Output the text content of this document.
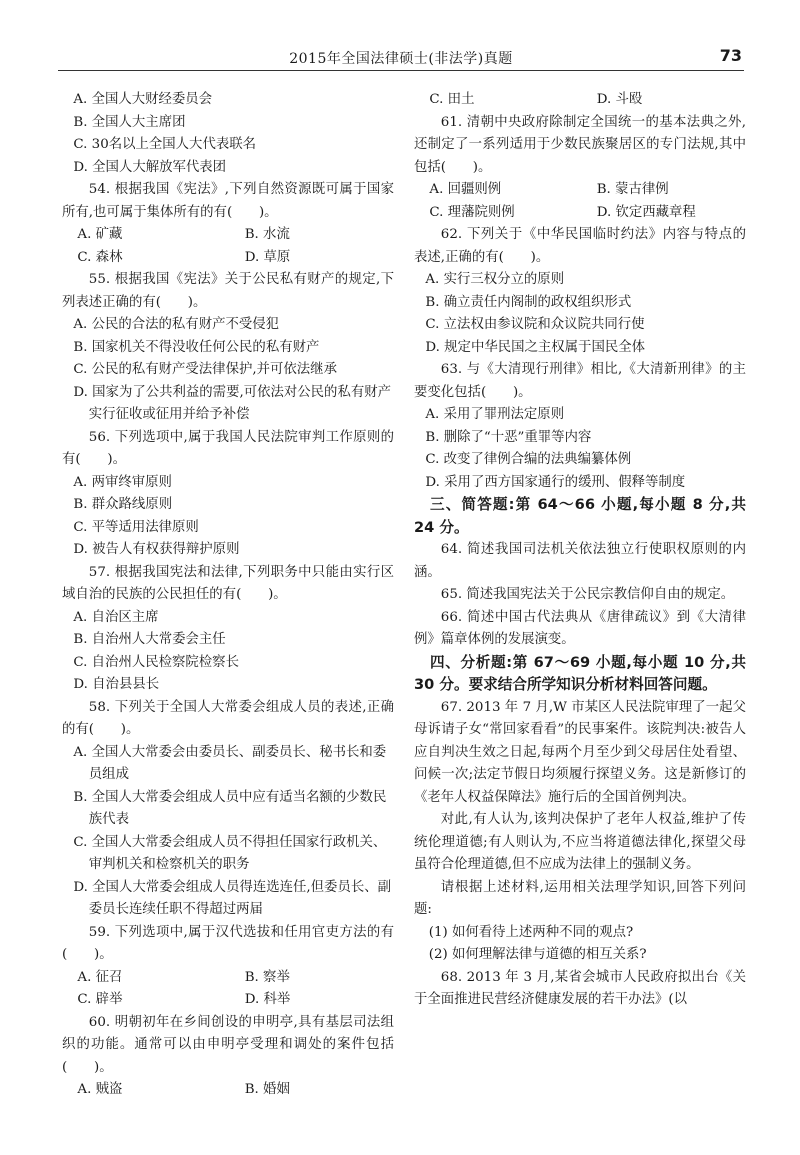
2015年全国法律硕士(非法学)真题	73

A. 全国人大财经委员会

B. 全国人大主席团

C. 30名以上全国人大代表联名

D. 全国人大解放军代表团

54. 根据我国《宪法》,下列自然资源既可属于国家所有,也可属于集体所有的有(　　)。

A. 矿藏	B. 水流
C. 森林	D. 草原

55. 根据我国《宪法》关于公民私有财产的规定,下列表述正确的有(　　)。

A. 公民的合法的私有财产不受侵犯

B. 国家机关不得没收任何公民的私有财产

C. 公民的私有财产受法律保护,并可依法继承

D. 国家为了公共利益的需要,可依法对公民的私有财产实行征收或征用并给予补偿

56. 下列选项中,属于我国人民法院审判工作原则的有(　　)。

A. 两审终审原则

B. 群众路线原则

C. 平等适用法律原则

D. 被告人有权获得辩护原则

57. 根据我国宪法和法律,下列职务中只能由实行区域自治的民族的公民担任的有(　　)。

A. 自治区主席

B. 自治州人大常委会主任

C. 自治州人民检察院检察长

D. 自治县县长

58. 下列关于全国人大常委会组成人员的表述,正确的有(　　)。

A. 全国人大常委会由委员长、副委员长、秘书长和委员组成

B. 全国人大常委会组成人员中应有适当名额的少数民族代表

C. 全国人大常委会组成人员不得担任国家行政机关、审判机关和检察机关的职务

D. 全国人大常委会组成人员得连选连任,但委员长、副委员长连续任职不得超过两届

59. 下列选项中,属于汉代选拔和任用官吏方法的有(　　)。

A. 征召	B. 察举
C. 辟举	D. 科举

60. 明朝初年在乡间创设的申明亭,具有基层司法组织的功能。通常可以由申明亭受理和调处的案件包括(　　)。

A. 贼盗	B. 婚姻
C. 田土	D. 斗殴

61. 清朝中央政府除制定全国统一的基本法典之外,还制定了一系列适用于少数民族聚居区的专门法规,其中包括(　　)。

A. 回疆则例	B. 蒙古律例
C. 理藩院则例	D. 钦定西藏章程

62. 下列关于《中华民国临时约法》内容与特点的表述,正确的有(　　)。

A. 实行三权分立的原则

B. 确立责任内阁制的政权组织形式

C. 立法权由参议院和众议院共同行使

D. 规定中华民国之主权属于国民全体

63. 与《大清现行刑律》相比,《大清新刑律》的主要变化包括(　　)。

A. 采用了罪刑法定原则

B. 删除了“十恶”重罪等内容

C. 改变了律例合编的法典编纂体例

D. 采用了西方国家通行的缓刑、假释等制度

三、简答题:第 64～66 小题,每小题 8 分,共 24 分。

64. 简述我国司法机关依法独立行使职权原则的内涵。

65. 简述我国宪法关于公民宗教信仰自由的规定。

66. 简述中国古代法典从《唐律疏议》到《大清律例》篇章体例的发展演变。

四、分析题:第 67～69 小题,每小题 10 分,共 30 分。要求结合所学知识分析材料回答问题。

67. 2013 年 7 月,W 市某区人民法院审理了一起父母诉请子女“常回家看看”的民事案件。该院判决:被告人应自判决生效之日起,每两个月至少到父母居住处看望、问候一次;法定节假日均须履行探望义务。这是新修订的《老年人权益保障法》施行后的全国首例判决。

对此,有人认为,该判决保护了老年人权益,维护了传统伦理道德;有人则认为,不应当将道德法律化,探望父母虽符合伦理道德,但不应成为法律上的强制义务。

请根据上述材料,运用相关法理学知识,回答下列问题:

(1) 如何看待上述两种不同的观点?

(2) 如何理解法律与道德的相互关系?

68. 2013 年 3 月,某省会城市人民政府拟出台《关于全面推进民营经济健康发展的若干办法》(以
